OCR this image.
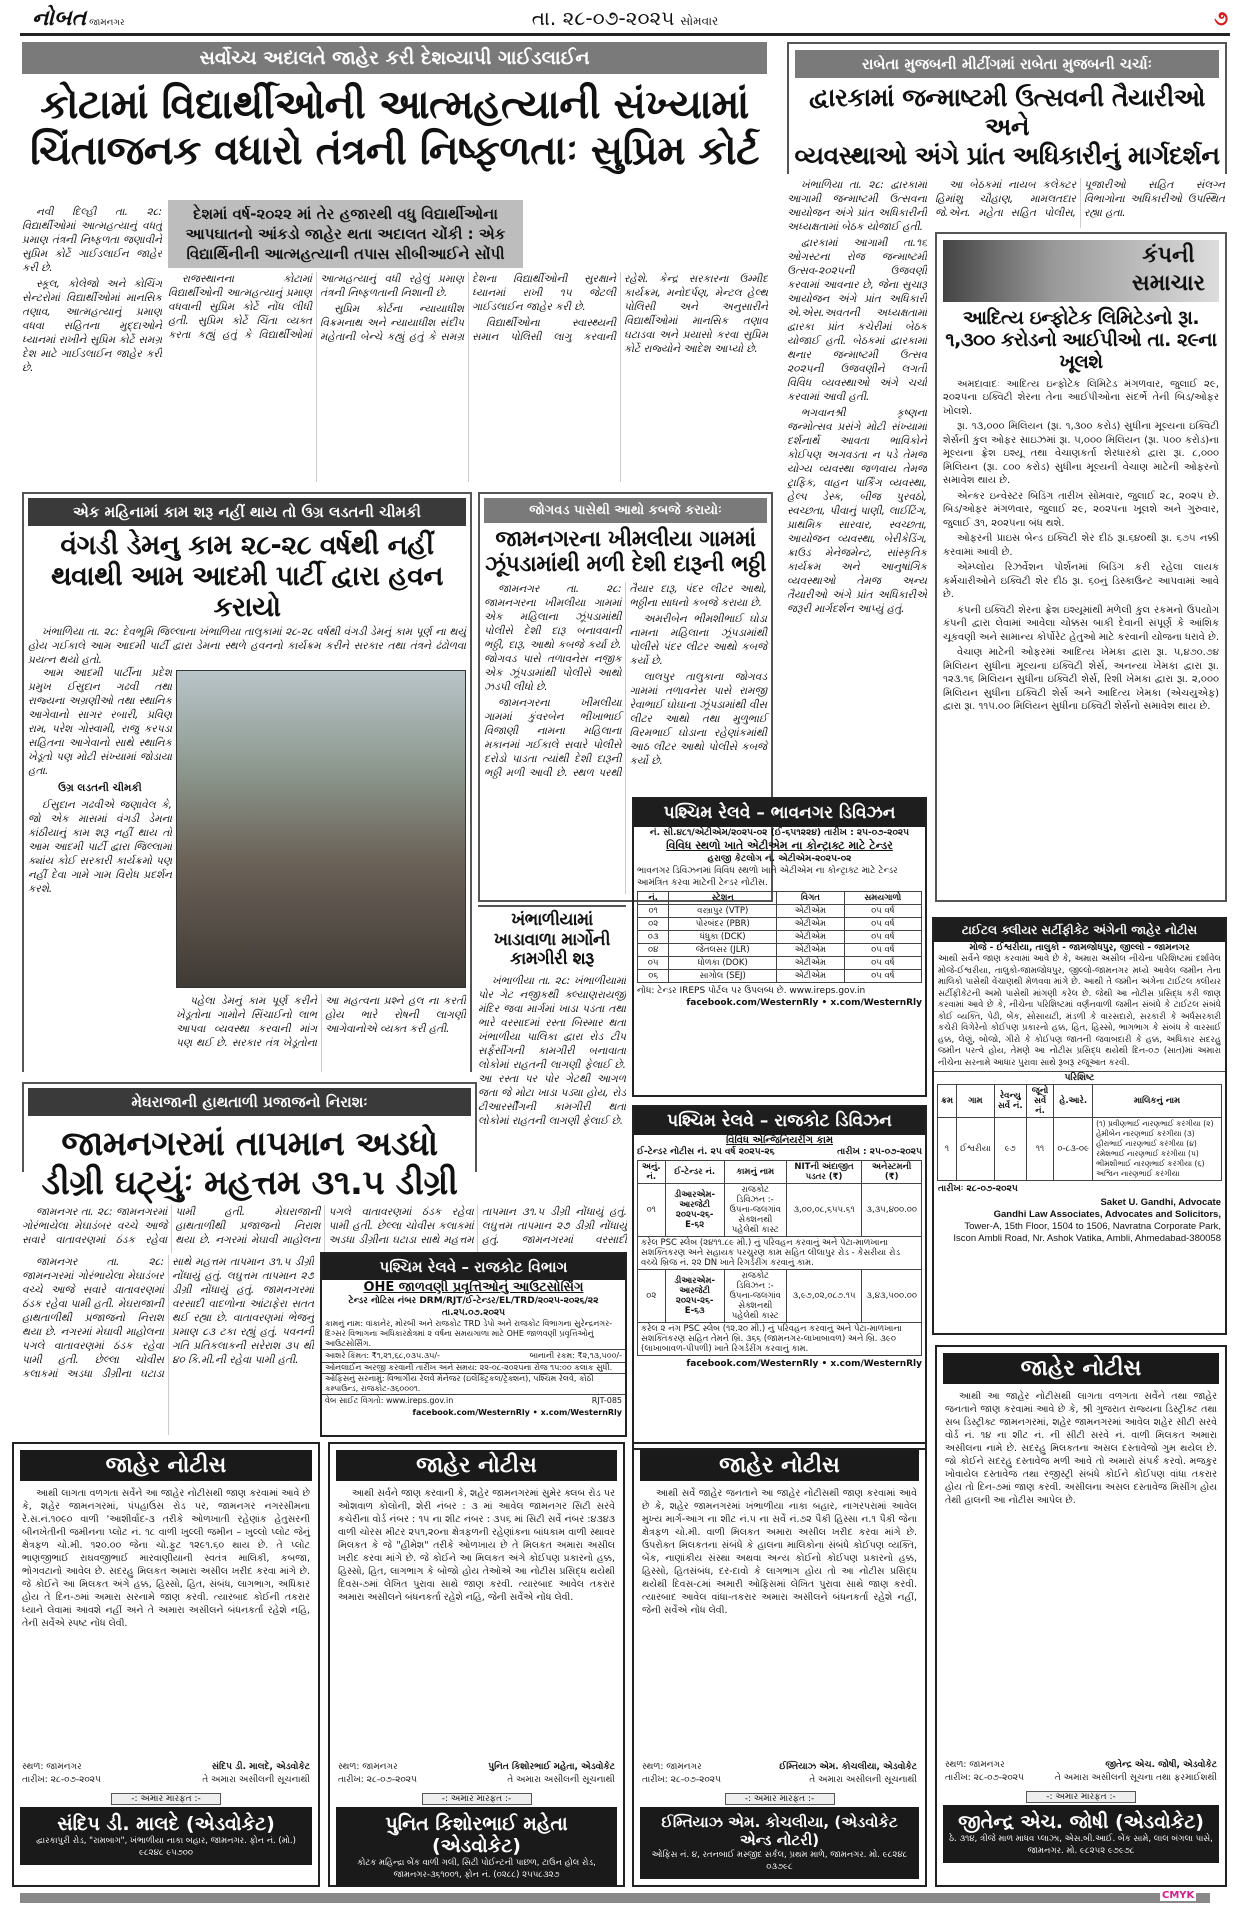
નોબત જામનગર	તા. ૨૮-૦૭-૨૦૨૫ સોમવાર	૭
સર્વોચ્ચ અદાલતે જાહેર કરી દેશવ્યાપી ગાઈડલાઈન
કોટામાં વિદ્યાર્થીઓની આત્મહત્યાની સંખ્યામાં
ચિંતાજનક વધારો તંત્રની નિષ્ફળતાઃ સુપ્રિમ કોર્ટ
દેશમાં વર્ષ-૨૦૨૨ માં તેર હજારથી વધુ વિદ્યાર્થીઓના આપઘાતનો આંકડો જાહેર થતા અદાલત ચોંકી : એક વિદ્યાર્થિનીની આત્મહત્યાની તપાસ સીબીઆઈને સોંપી

નવી દિલ્હી તા. ૨૮: વિદ્યાર્થીઓમાં આત્મહત્યાનું વધતું પ્રમાણ તંત્રની નિષ્ફળતા જણાવીને સુપ્રિમ કોર્ટે ગાઈડલાઈન જાહેર કરી છે.

સ્કૂલ, કોલેજો અને કોચિંગ સેન્ટરોમાં વિદ્યાર્થીઓમાં માનસિક તણાવ, આત્મહત્યાનું પ્રમાણ વધવા સહિતના મુદ્દાઓને ધ્યાનમાં રાખીને સુપ્રિમ કોર્ટે સમગ્ર દેશ માટે ગાઈડલાઈન જાહેર કરી છે.

રાજસ્થાનના કોટામાં વિદ્યાર્થીઓની આત્મહત્યાનું પ્રમાણ વધવાની સુપ્રિમ કોર્ટે નોંધ લીધી હતી. સુપ્રિમ કોર્ટે ચિંતા વ્યક્ત કરતા કહ્યું હતું કે વિદ્યાર્થીઓમાં આત્મહત્યાનું વધી રહેલું પ્રમાણ તંત્રની નિષ્ફળતાની નિશાની છે.

સુપ્રિમ કોર્ટના ન્યાયાધીશ વિક્રમનાથ અને ન્યાયાધીશ સંદીપ મહેતાની બેન્ચે કહ્યું હતું કે સમગ્ર દેશના વિદ્યાર્થીઓની સુરક્ષાને ધ્યાનમાં રાખી ૧૫ જેટલી ગાઈડલાઈન જાહેર કરી છે.

વિદ્યાર્થીઓના સ્વાસ્થ્યની સમાન પોલિસી લાગુ કરવાની રહેશે. કેન્દ્ર સરકારના ઉમ્મીદ કાર્યક્રમ, મનોદર્પણ, મેન્ટલ હેલ્થ પોલિસી અને અનુસારીને વિદ્યાર્થીઓમાં માનસિક તણાવ ઘટાડવા અને પ્રયાસો કરવા સુપ્રિમ કોર્ટે રાજ્યોને આદેશ આપ્યો છે.

રાબેતા મુજબની મીટીંગમાં રાબેતા મુજબની ચર્ચાઃ
દ્વારકામાં જન્માષ્ટમી ઉત્સવની તૈયારીઓ અને
વ્યવસ્થાઓ અંગે પ્રાંત અધિકારીનું માર્ગદર્શન

ખંભાળિયા તા. ૨૮: દ્વારકામાં આગામી જન્માષ્ટમી ઉત્સવના આયોજન અંગે પ્રાંત અધિકારીની અધ્યક્ષતામાં બેઠક યોજાઈ હતી.

દ્વારકામાં આગામી તા.૧૬ ઓગસ્ટના રોજ જન્માષ્ટમી ઉત્સવ-૨૦૨૫ની ઉજવણી કરવામાં આવનાર છે, જેના સુચારૂ આયોજન અંગે પ્રાંત અધિકારી એ.એસ.અવતની અધ્યક્ષતામાં દ્વારકા પ્રાંત કચેરીમાં બેઠક યોજાઈ હતી. બેઠકમાં દ્વારકામાં થનાર જન્માષ્ટમી ઉત્સવ ૨૦૨૫ની ઉજવણીને લગતી વિવિધ વ્યવસ્થાઓ અંગે ચર્ચા કરવામાં આવી હતી.

ભગવાનશ્રી કૃષ્ણના જન્મોત્સવ પ્રસંગે મોટી સંખ્યામાં દર્શનાર્થે આવતા ભાવિકોને કોઈપણ અગવડતા ન પડે તેમજ યોગ્ય વ્યવસ્થા જળવાય તેમજ ટ્રાફિક, વાહન પાર્કિંગ વ્યવસ્થા, હેલ્પ ડેસ્ક, બીજ પુરવઠો, સ્વચ્છતા, પીવાનું પાણી, લાઈટિંગ, પ્રાથમિક સારવાર, સ્વચ્છતા, આયોજન વ્યવસ્થા, બેરીકેડિંગ, ક્રાઉડ મેનેજમેન્ટ, સાંસ્કૃતિક કાર્યક્રમ અને આનુષાંગિક વ્યવસ્થાઓ તેમજ અન્ય તૈયારીઓ અંગે પ્રાંત અધિકારીએ જરૂરી માર્ગદર્શન આપ્યું હતું.

આ બેઠકમાં નાયબ કલેક્ટર હિમાંશુ ચૌહાણ, મામલતદાર જે.એન. મહેતા સહિત પોલીસ, પૂજારીઓ સહિત સંલગ્ન વિભાગોના અધિકારીઓ ઉપસ્થિત રહ્યા હતા.

કંપની
સમાચાર
આદિત્ય ઇન્ફોટેક લિમિટેડનો રૂા. ૧,૩૦૦ કરોડનો આઈપીઓ તા. ૨૯ના ખૂલશે

અમદાવાદઃ આદિત્ય ઇન્ફોટેક લિમિટેડ મંગળવાર, જુલાઈ ૨૯, ૨૦૨૫ના ઇક્વિટી શેરના તેના આઈપીઓના સંદર્ભે તેની બિડ/ઓફર ખોલશે.

રૂા. ૧૩,૦૦૦ મિલિયન (રૂા. ૧,૩૦૦ કરોડ) સુધીના મૂલ્યના ઇક્વિટી શેર્સની કુલ ઓફર સાઇઝમાં રૂા. ૫,૦૦૦ મિલિયન (રૂા. ૫૦૦ કરોડ)ના મૂલ્યના ફ્રેશ ઇશ્યૂ તથા વેચાણકર્તા શેરધારકો દ્વારા રૂા. ૮,૦૦૦ મિલિયન (રૂા. ૮૦૦ કરોડ) સુધીના મૂલ્યની વેચાણ માટેની ઓફરનો સમાવેશ થાય છે.

એન્કર ઇન્વેસ્ટર બિડિંગ તારીખ સોમવાર, જુલાઈ ૨૮, ૨૦૨૫ છે. બિડ/ઓફર મંગળવાર, જુલાઈ ૨૯, ૨૦૨૫ના ખૂલશે અને ગુરુવાર, જુલાઈ ૩૧, ૨૦૨૫ના બંધ થશે.

ઓફરની પ્રાઇસ બેન્ડ ઇક્વિટી શેર દીઠ રૂા.૬૪૦થી રૂા. ૬૭૫ નક્કી કરવામાં આવી છે.

એમ્પ્લોય રિઝર્વેશન પોર્શનમાં બિડિંગ કરી રહેલા લાયક કર્મચારીઓને ઇક્વિટી શેર દીઠ રૂા. ૬૦નું ડિસ્કાઉન્ટ આપવામાં આવે છે.

કંપની ઇક્વિટી શેરના ફ્રેશ ઇશ્યૂમાંથી મળેલી કુલ રકમનો ઉપયોગ કંપની દ્વારા લેવામાં આવેલા ચોક્કસ બાકી દેવાની સંપૂર્ણ કે આંશિક ચૂકવણી અને સામાન્ય કોર્પોરેટ હેતુઓ માટે કરવાની યોજના ધરાવે છે.

વેચાણ માટેની ઓફરમાં આદિત્ય ખેમકા દ્વારા રૂા. ૫,૪૭૦.૭૪ મિલિયન સુધીના મૂલ્યના ઇક્વિટી શેર્સ, અનન્યા ખેમકા દ્વારા રૂા. ૧૨૩.૧૬ મિલિયન સુધીના ઇક્વિટી શેર્સ, રિશી ખેમકા દ્વારા રૂા. ૨,૦૦૦ મિલિયન સુધીના ઇક્વિટી શેર્સ અને આદિત્ય ખેમકા (એચયુએફ) દ્વારા રૂા. ૧૧૫.૦૦ મિલિયન સુધીના ઇક્વિટી શેર્સનો સમાવેશ થાય છે.

એક મહિનામાં કામ શરૂ નહીં થાય તો ઉગ્ર લડતની ચીમકી
વંગડી ડેમનુ કામ ૨૮-૨૮ વર્ષથી નહીં
થવાથી આમ આદમી પાર્ટી દ્વારા હવન કરાયો

ખંભાળિયા તા. ૨૮: દેવભૂમિ જિલ્લાના ખંભાળિયા તાલુકામાં ૨૮-૨૮ વર્ષથી વંગડી ડેમનું કામ પૂર્ણ ના થયું હોય ગઈકાલે આમ આદમી પાર્ટી દ્વારા ડેમના સ્થળે હવનનો કાર્યક્રમ કરીને સરકાર તથા તંત્રને ઢંઢોળવા પ્રયત્ન થયો હતો.

આમ આદમી પાર્ટીના પ્રદેશ પ્રમુખ ઈસુદાન ગઢવી તથા રાજ્યના અગ્રણીઓ તથા સ્થાનિક આગેવાનો સાગર રબારી, પ્રવિણ રામ, પરેશ ગોસ્વામી, રાજુ કરપડા સહિતના આગેવાનો સાથે સ્થાનિક ખેડૂતો પણ મોટી સંખ્યામાં જોડાયા હતા.

ઉગ્ર લડતની ચીમકી

ઈસુદાન ગઢવીએ જણાવેલ કે, જો એક માસમાં વંગડી ડેમના કાંઠીયાનું કામ શરૂ નહીં થાય તો આમ આદમી પાર્ટી દ્વારા જિલ્લામાં ક્યાંય કોઈ સરકારી કાર્યક્રમો પણ નહીં દેવા ગામે ગામ વિરોધ પ્રદર્શન કરશે.

પહેલા ડેમનું કામ પૂર્ણ કરીને ખેડૂતોના ગામોને સિંચાઈનો લાભ આપવા વ્યવસ્થા કરવાની માંગ પણ થઈ છે. સરકાર તંત્ર ખેડૂતોના આ મહત્વના પ્રશ્ને હલ ના કરતી હોય ભારે રોષની લાગણી આગેવાનોએ વ્યક્ત કરી હતી.

જોગવડ પાસેથી આથો કબજે કરાયોઃ
જામનગરના ખીમલીયા ગામમાં ઝૂંપડામાંથી મળી દેશી દારૂની ભઠ્ઠી

જામનગર તા. ૨૮: જામનગરના ખીમલીયા ગામમાં એક મહિલાના ઝૂંપડામાંથી પોલીસે દેશી દારૂ બનાવવાની ભઠ્ઠી, દારૂ, આથો કબજે કર્યા છે. જોગવડ પાસે તળાવનેસ નજીક એક ઝૂંપડામાંથી પોલીસે આથો ઝડપી લીધો છે.

જામનગરના ખીમલીયા ગામમાં કુંવરબેન ભીખાભાઈ વિજાણી નામના મહિલાના મકાનમાં ગઈકાલે સવારે પોલીસે દરોડો પાડતા ત્યાંથી દેશી દારૂની ભઠ્ઠી મળી આવી છે. સ્થળ પરથી તૈયાર દારૂ, પંદર લીટર આથો, ભઠ્ઠીના સાધનો કબજે કરાયા છે.

અમરીબેન ભીમશીભાઈ ઘોડા નામના મહિલાના ઝૂંપડામાંથી પોલીસે પંદર લીટર આથો કબજે કર્યો છે.

લાલપુર તાલુકાના જોગવડ ગામમાં તળાવનેસ પાસે રામજી રેવાભાઈ ઘોઘાના ઝૂંપડામાંથી વીસ લીટર આથો તથા મુળુભાઈ વિરમભાઈ ઘોડાના રહેણાંકમાંથી આઠ લીટર આથો પોલીસે કબજે કર્યો છે.

ખંભાળીયામાં ખાડાવાળા માર્ગોની કામગીરી શરૂ

ખંભાળીયા તા. ૨૮: ખંભાળીયામાં પોર ગેટ નજીકથી ક્લ્યાણરાયજી મંદિર જવા માર્ગમાં ખાડા પડતા તથા ભારે વરસાદમાં રસ્તા બિસ્માર થતા ખંભાળીયા પાલિકા દ્વારા રોડ ટીપ સર્ફેસીંગની કામગીરી બનાવાતા લોકોમાં રાહતની લાગણી ફેલાઈ છે. આ રસ્તા પર પોર ગેટથી આગળ જતા જે મોટા ખાડા પડ્યા હોય, રોડ ટીઆરર્સીંગની કામગીરી થતાં લોકોમાં રાહતની લાગણી ફેલાઈ છે.

પશ્ચિમ રેલવે – ભાવનગર ડિવિઝન
નં. સી.૪૮૧/એટીએમ/૨૦૨૫-૦૨ (ઈ-૬૫૧૨૨૪) તારીખ : ૨૫-૦૭-૨૦૨૫
વિવિધ સ્થળો ખાતે એટીએમ ના કોન્ટ્રાક્ટ માટે ટેન્ડર
હરાજી કેટલોગ નં. એટીએમ-૨૦૨૫-૦૨
ભાવનગર ડિવિઝનમાં વિવિધ સ્થળો ખાતે એટીએમ ના કોન્ટ્રાક્ટ માટે ટેન્ડર આમંત્રિત કરવા માટેની ટેન્ડર નોટીસ.
નં.	સ્ટેશન	વિગત	સમયગાળો
૦૧	વસ્ત્રાપુર (VTP)	એટીએમ	૦૫ વર્ષ
૦૨	પોરબંદર (PBR)	એટીએમ	૦૫ વર્ષ
૦૩	ધંધુકા (DCK)	એટીએમ	૦૫ વર્ષ
૦૪	જેતલસર (JLR)	એટીએમ	૦૫ વર્ષ
૦૫	ધોળકા (DOK)	એટીએમ	૦૫ વર્ષ
૦૬	સાગોલ (SEJ)	એટીએમ	૦૫ વર્ષ
નોંધ: ટેન્ડર IREPS પોર્ટલ પર ઉપલબ્ધ છે. www.ireps.gov.in
facebook.com/WesternRly • x.com/WesternRly
પશ્ચિમ રેલવે – રાજકોટ ડિવિઝન
વિવિધ એન્જિનિયરીંગ કામ
ઈ-ટેન્ડર નોટીસ નં. ૨૫ વર્ષ ૨૦૨૫-૨૬	તારીખ : ૨૫-૦૭-૨૦૨૫
અનું. નં.	ઈ-ટેન્ડર નં.	કામનું નામ	NITની અંદાજીત પડતર (₹)	અનેસ્ટમની (₹)
૦૧	ડીઆરએમ-આરજેટી ૨૦૨૫-૨૬-E-૬૨	રાજકોટ ડિવિઝન :- ઉપના-જલગાંવ સેક્શનથી પહેલેથી કાસ્ટ	૩,૦૦,૦૮,૬૫૫.૬૧	૩,૩૫,૪૦૦.૦૦
કરેલ PSC સ્લેબ (૨૪૧૧.૮૯ મી.) નું પરિવહન કરવાનું અને પેટા-માળખાના સશક્તિકરણ અને સહાયક પરચુરણ કામ સહિત લીલાપુર રોડ - કેસરીયા રોડ વચ્ચે બ્રિજ નં. ૨૨ DN ખાતે રિગર્ડરીંગ કરવાનું કામ.				
૦૨	ડીઆરએમ-આરજેટી ૨૦૨૫-૨૬-E-૬૩	રાજકોટ ડિવિઝન :- ઉપના-જલગાંવ સેક્શનથી પહેલેથી કાસ્ટ	૩,૯૭,૦૨,૦૮૭.૧૫	૩,૪૩,૫૦૦.૦૦
કરેલ ૨ નંગ PSC સ્લેબ (૧૨.૨૦ મી.) નું પરિવહન કરવાનું અને પેટા-માળખાના સશક્તિકરણ સહિત તેમને બ્રિ. ૩૬૬ (જામનગર-લાખાબાવળ) અને બ્રિ. ૩૯૦ (લાખાબાવળ-પીપળી) ખાતે રિગર્ડરીંગ કરવાનું કામ.				
facebook.com/WesternRly • x.com/WesternRly
મેઘરાજાની હાથતાળી પ્રજાજનો નિરાશઃ
જામનગરમાં તાપમાન અડધો
ડીગ્રી ઘટ્યુંઃ મહત્તમ ૩૧.૫ ડીગ્રી

જામનગર તા. ૨૮: જામનગરમાં ગોરંભાયેલા મેઘાડંબર વચ્ચે આજે સવારે વાતાવરણમાં ઠંડક રહેવા પામી હતી. મેઘરાજાની હાથતાળીથી પ્રજાજનો નિરાશ થયા છે. નગરમાં મેઘાવી માહોલના પગલે વાતાવરણમાં ઠંડક રહેવા પામી હતી. છેલ્લા ચોવીસ કલાકમાં અડધા ડીગ્રીના ઘટાડા સાથે મહત્તમ તાપમાન ૩૧.૫ ડીગ્રી નોંધાયું હતું. લઘુત્તમ તાપમાન ૨૭ ડીગ્રી નોંધાયું હતું. જામનગરમાં વરસાદી

જામનગર તા. ૨૮: જામનગરમાં ગોરંભાયેલા મેઘાડંબર વચ્ચે આજે સવારે વાતાવરણમાં ઠંડક રહેવા પામી હતી. મેઘરાજાની હાથતાળીથી પ્રજાજનો નિરાશ થયા છે. નગરમાં મેઘાવી માહોલના પગલે વાતાવરણમાં ઠંડક રહેવા પામી હતી. છેલ્લા ચોવીસ કલાકમાં અડધા ડીગ્રીના ઘટાડા સાથે મહત્તમ તાપમાન ૩૧.૫ ડીગ્રી નોંધાયું હતું. લઘુત્તમ તાપમાન ૨૭ ડીગ્રી નોંધાયું હતું. જામનગરમાં વરસાદી વાદળોના આંટાફેરા સતત થઈ રહ્યા છે. વાતાવરણમાં ભેજનું પ્રમાણ ૮૩ ટકા રહ્યું હતું. પવનની ગતિ પ્રતિકલાકની સરેરાશ ૩૫ થી ૪૦ કિ.મી.ની રહેવા પામી હતી.

પશ્ચિમ રેલવે – રાજકોટ વિભાગ
OHE જાળવણી પ્રવૃત્તિઓનું આઉટસોર્સિંગ
ટેન્ડર નોટિસ નંબર DRM/RJT/ઈ-ટેન્ડર/EL/TRD/૨૦૨૫-૨૦૨૬/૨૨
તા.૨૫.૦૭.૨૦૨૫
કામનું નામ: વાંકાનેર, મોરબી અને રાજકોટ TRD ડેપો અને રાજકોટ વિભાગના સુરેન્દ્રનગર-દિગ્સર વિભાગના અધિકારક્ષેત્રમાં ૨ વર્ષના સમયગાળા માટે OHE જાળવણી પ્રવૃત્તિઓનું આઉટસોર્સિંગ.
આશરે કિંમત: ₹૧,૨૧,૬૮,૦૩૫.૩૫/-	બાનાની રકમ: ₹૨,૧૩,૫૦૦/-
ઓનલાઈન અરજી કરવાની તારીખ અને સમય: ૨૨-૦૮-૨૦૨૫ના રોજ ૧૫:૦૦ કલાક સુધી.
ઓફિસનું સરનામું: વિભાગીય રેલવે મેનેજર (ઇલેક્ટ્રિકલ/ટ્રેક્શન), પશ્ચિમ રેલવે, કોઠી કમ્પાઉન્ડ, રાજકોટ-૩૬૦૦૦૧.
વેબ સાઈટ વિગતો: www.ireps.gov.in	RJT-085
facebook.com/WesternRly • x.com/WesternRly
ટાઈટલ ક્લીયર સર્ટીફીકેટ અંગેની જાહેર નોટીસ
મોજે - ઈશ્વરીયા, તાલુકો - જામજોધપુર, જીલ્લો - જામનગર
આથી સર્વેને જાણ કરવામાં આવે છે કે, અમારા અસીલ નીચેના પરિશિષ્ટમાં દર્શાવેલ મોજે-ઈશ્વરીયા, તાલુકો-જામજોધપુર, જીલ્લો-જામનગર મધ્યે આવેલ જમીન તેના માલિકો પાસેથી વેંચાણથી મેળવવા માંગે છે. આથી તે જમીન અંગેના ટાઈટલ ક્લીયર સર્ટીફીકેટની અમો પાસેથી માંગણી કરેલ છે. જેથી આ નોટીસ પ્રસિદ્ધ કરી જાણ કરવામાં આવે છે કે, નીચેના પરિશિષ્ટમાં વર્ણનવાળી જમીન સંબંધે કે ટાઈટલ સંબંધે કોઈ વ્યક્તિ, પેઢી, બેંક, સોસાયટી, મંડળી કે વારસદારો, સરકારી કે અર્ધસરકારી કચેરી વિગેરેનો કોઈપણ પ્રકારનો હક્ક, હિત, હિસ્સો, ભાગભાગ કે સંબંધ કે વારસાઈ હક્ક, લેણું, બોજો, ગીરો કે કોઈપણ જાતની જવાબદારી કે હક્ક, અધિકાર સદરહુ જમીન પરત્વે હોય, તેમણે આ નોટીસ પ્રસિદ્ધ થયેથી દિન-૦૭ (સાત)માં અમારા નીચેના સરનામે આધાર પુરાવા સાથે રૂબરૂ રજૂઆત કરવી.
પરિશિષ્ટ
ક્રમ	ગામ	રેવન્યુ સર્વે નં.	જૂનો સર્વે નં.	હે.આરે.	માલિકનું નામ
૧	ઈશ્વરીયા	૯૭	૧૧	૦-૮૩-૦૯	(૧) પ્રવીણભાઈ નારણભાઈ કરંગીયા (૨) હેમીબેન નારણભાઈ કરંગીયા (૩) હીરાભાઈ નારણભાઈ કરંગીયા (૪) રમેશભાઈ નારણભાઈ કરંગીયા (૫) ભીમશીભાઈ નારણભાઈ કરંગીયા (૬) અશ્વિન નારણભાઈ કરંગીયા
તારીખઃ ૨૮-૦૭-૨૦૨૫
Saket U. Gandhi, Advocate
Gandhi Law Associates, Advocates and Solicitors,
Tower-A, 15th Floor, 1504 to 1506, Navratna Corporate Park,
Iscon Ambli Road, Nr. Ashok Vatika, Ambli, Ahmedabad-380058
જાહેર નોટીસ

આથી લાગતા વળગતા સર્વેને આ જાહેર નોટીસથી જાણ કરવામાં આવે છે કે, શહેર જામનગરમાં, પંપહાઉસ રોડ પર, જામનગર નગરસીમના રે.સ.નં.૧૦૯૦ વાળી 'આશીર્વાદ-૩ તરીકે ઓળખાતી રહેણાંક હેતુસરની બીનખેતીની જમીનના પ્લોટ નં. ૧૮ વાળી ખુલ્લી જમીન – ખુલ્લો પ્લોટ જેનું ક્ષેત્રફળ ચો.મી. ૧૨૦.૦૦ જેના ચો.ફુટ ૧૨૯૧.૬૦ થાય છે. તે પ્લોટ ભાણજીભાઈ રાઘવજીભાઈ મારવાણીયાની સ્વતંત્ર માલિકી, કબજા, ભોગવટાનો આવેલ છે. સદરહુ મિલકત અમારા અસીલ ખરીદ કરવા માંગે છે. જે કોઈને આ મિલકત અંગે હક્ક, હિસ્સો, હિત, સંબંધ, લાગભાગ, અધિકાર હોય તે દિન-૭માં અમારા સરનામે જાણ કરવી. ત્યારબાદ કોઈની તકરાર ધ્યાને લેવામાં આવશે નહીં અને તે અમારા અસીલને બંધનકર્તા રહેશે નહિ, તેની સર્વેએ સ્પષ્ટ નોંધ લેવી.

સ્થળ: જામનગર
તારીખ: ૨૮-૦૭-૨૦૨૫
સંદિપ ડી. માલદે, એડવોકેટ
તે અમારા અસીલની સૂચનાથી
-: અમાર મારફત :-
સંદિપ ડી. માલદે (એડવોકેટ)
દ્વારકાપુરી રોડ, "રામબાગ", ખંભાળીયા નાકા બહાર, જામનગર. ફોન નં. (મો.) ૯૮૨૪૮ ૯૫૭૦૦
જાહેર નોટીસ

આથી સર્વને જાણ કરવાની કે, શહેર જામનગરમાં સુમેર ક્લબ રોડ પર ઓશવાળ કોલોની, શેરી નંબર : ૩ માં આવેલ જામનગર સિટી સરવે કચેરીના વોર્ડ નંબર : ૧૫ ના શીટ નંબર : ૩૫૬ માં સિટી સર્વે નંબર :૪૩૪૩ વાળી ચોરસ મીટર ૨૫૧,૨૦ના ક્ષેત્રફળની રહેણાંકના બાંધકામ વાળી સ્થાવર મિલકત કે જે "હીમેશ" તરીકે ઓળખાય છે તે મિલકત અમારા અસીલ ખરીદ કરવા માંગે છે. જે કોઈને આ મિલકત અંગે કોઈપણ પ્રકારનો હક્ક, હિસ્સો, હિત, લાગભાગ કે બોજો હોય તેઓએ આ નોટીસ પ્રસિદ્ધ થયેથી દિવસ-૭માં લેખિત પુરાવા સાથે જાણ કરવી. ત્યારબાદ આવેલ તકરાર અમારા અસીલને બંધનકર્તા રહેશે નહિ, જેની સર્વેએ નોંધ લેવી.

સ્થળ: જામનગર
તારીખ: ૨૮-૦૭-૨૦૨૫
પુનિત કિશોરભાઈ મહેતા, એડવોકેટ
તે અમારા અસીલની સૂચનાથી
-: અમાર મારફત :-
પુનિત કિશોરભાઈ મહેતા (એડવોકેટ)
કોટક મહિન્દ્રા બેંક વાળી ગલી, સિટી પોઈન્ટની પાછળ, ટાઉન હોલ રોડ, જામનગર-૩૬૧૦૦૧, ફોન નં. (૦૨૮૮) ૨૫૫૮૩૨૭
જાહેર નોટીસ

આથી સર્વે જાહેર જનતાને આ જાહેર નોટીસથી જાણ કરવામાં આવે છે કે, શહેર જામનગરમાં ખંભાળીયા નાકા બહાર, નાગરપરામાં આવેલ મુખ્ય માર્ગ-આગ ના શીટ નં.૫ ના સર્વે નં.૭૨ પૈકી હિસ્સા ન.૧ પૈકી જેના ક્ષેત્રફળ ચો.મી. વાળી મિલકત અમારા અસીલ ખરીદ કરવા માંગે છે. ઉપરોક્ત મિલકતના સંબંધે કે હાલના માલિકોના સંબંધે કોઈપણ વ્યક્તિ, બેંક, નાણાંકીય સંસ્થા અથવા અન્ય કોઈનો કોઈપણ પ્રકારનો હક્ક, હિસ્સો, હિતસંબંધ, દર-દાવો કે લાગભાગ હોય તો આ નોટીસ પ્રસિદ્ધ થયેથી દિવસ-૮માં અમારી ઓફિસમાં લેખિત પુરાવા સાથે જાણ કરવી. ત્યારબાદ આવેલ વાંધા-તકરાર અમારા અસીલને બંધનકર્તા રહેશે નહીં, જેની સર્વેએ નોંધ લેવી.

સ્થળ: જામનગર
તારીખ: ૨૮-૦૭-૨૦૨૫
ઈમ્તિયાઝ એમ. કોચલીયા, એડવોકેટ
તે અમારા અસીલની સૂચનાથી
-: અમાર મારફત :-
ઈમ્તિયાઝ એમ. કોચલીયા, (એડવોકેટ એન્ડ નોટરી)
ઓફિસ નં. ૪, રતનબાઈ મસ્જીદ સર્કલ, પ્રથમ માળે, જામનગર. મો. ૯૮૨૪૮ ૦૩૭૯૮
જાહેર નોટીસ

આથી આ જાહેર નોટીસથી લાગતા વળગતા સર્વેને તથા જાહેર જનતાને જાણ કરવામાં આવે છે કે, શ્રી ગુજરાત રાજ્યના ડિસ્ટ્રીક્ટ તથા સબ ડિસ્ટ્રીક્ટ જામનગરમાં, શહેર જામનગરમાં આવેલ શહેર સીટી સરવે વોર્ડ નં. ૧૪ ના શીટ નં. ની સીટી સરવે નં. વાળી મિલકત અમારા અસીલના નામે છે. સદરહુ મિલકતના અસલ દસ્તાવેજો ગુમ થયેલ છે. જો કોઈને સદરહુ દસ્તાવેજ મળી આવે તો અમારો સંપર્ક કરવો. મજકુર ખોવાયેલ દસ્તાવેજ તથા રજીસ્ટ્રી સંબંધે કોઈને કોઈપણ વાંધા તકરાર હોય તો દિન-૭માં જાણ કરવી. અસીલના અસલ દસ્તાવેજ મિસીંગ હોય તેથી હાલની આ નોટીસ આપેલ છે.

સ્થળ: જામનગર
તારીખ: ૨૮-૦૭-૨૦૨૫
જીતેન્દ્ર એચ. જોષી, એડવોકેટ
તે અમારા અસીલની સૂચના તથા ફરમાઈશથી
-: અમાર મારફત :-
જીતેન્દ્ર એચ. જોષી (એડવોકેટ)
ઠે. ૩૧૪, ત્રીજે માળ માધવ પ્લાઝા, એસ.બી.આઈ. બેંક સામે, લાલ બંગલા પાસે, જામનગર. મો. ૯૮૨૫૨ ૯૭૯૭૮
CMYK
